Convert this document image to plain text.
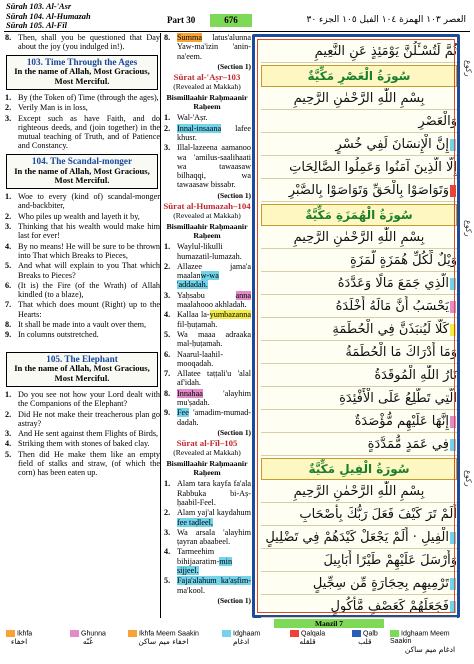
Sūrah 103. Al-'Asr
Sūrah 104. Al-Humazah
Sūrah 105. Al-Fīl
Part 30	676	العصر ١٠٣ الهمزة ١٠٤ الفيل ١٠٥ الجزء ٣٠
8. Then, shall you be questioned that Day about the joy (you indulged in!).
103. Time Through the Ages
In the name of Allah, Most Gracious, Most Merciful.
1. By (the Token of) Time (through the ages),
2. Verily Man is in loss,
3. Except such as have Faith, and do righteous deeds, and (join together) in the mutual teaching of Truth, and of Patience and Constancy.
104. The Scandal-monger
In the name of Allah, Most Gracious, Most Merciful.
1. Woe to every (kind of) scandal-monger and-backbiter,
2. Who piles up wealth and layeth it by,
3. Thinking that his wealth would make him last for ever!
4. By no means! He will be sure to be thrown into That which Breaks to Pieces,
5. And what will explain to you That which Breaks to Pieces?
6. (It is) the Fire (of the Wrath) of Allah kindled (to a blaze),
7. That which does mount (Right) up to the Hearts:
8. It shall be made into a vault over them,
9. In columns outstretched.
105. The Elephant
In the name of Allah, Most Gracious, Most Merciful.
1. Do you see not how your Lord dealt with the Companions of the Elephant?
2. Did He not make their treacherous plan go astray?
3. And He sent against them Flights of Birds,
4. Striking them with stones of baked clay.
5. Then did He make them like an empty field of stalks and straw, (of which the corn) has been eaten up.
8. Summa latus'alunna Yaw-ma'izin 'anin-na'eem.
(Section 1)
Sūrat al-'Aṣr–103
(Revealed at Makkah)
Bismillaahir Raḥmaanir Raḥeem
1. Wal-'Aṣr.
2. Innal-insaana lafee khusr.
3. Illal-lazeena aamanoo wa 'amilus-saalihaati wa tawaasaw bilhaqqi, wa tawaasaw bissabr.
(Section 1)
Sūrat al-Humazah–104
(Revealed at Makkah)
Bismillaahir Raḥmaanir Raḥeem
1. Waylul-likulli humazatil-lumazah.
2. Allazee jama'a maalanw-wa 'addadah.
3. Yaḥsabu anna maalahooo akhladah.
4. Kallaa la-yumbazanna fil-ḥuṭamah.
5. Wa maaa adraaka mal-ḥuṭamah.
6. Naarul-laahil-mooqadah.
7. Allatee taṭṭali'u 'alal af'idah.
8. Innahaa 'alayhim mu'ṣadah.
9. Fee 'amadim-mumad-dadah.
(Section 1)
Sūrat al-Fīl–105
(Revealed at Makkah)
Bismillaahir Raḥmaanir Raḥeem
1. Alam tara kayfa fa'ala Rabbuka bi-Aṣ-ḥaabil-Feel.
2. Alam yaj'al kaydahum fee taḍleel,
3. Wa arsala 'alayhim ṭayran abaabeel.
4. Tarmeehim bihijaaratim-min sijjeel.
5. Faja'alahum ka'aṣfim-ma'kool.
(Section 1)
ثُمَّ لَتُسْـَٔلُنَّ يَوْمَئِذٍ عَنِ النَّعِيمِ
سُورَةُ الْعَصْرِ مَكِّيَّةٌ
بِسْمِ اللّٰهِ الرَّحْمٰنِ الرَّحِيمِ
وَالْعَصْرِ
إِنَّ الْإِنسَانَ لَفِي خُسْرٍ
إِلَّا الَّذِينَ آمَنُوا وَعَمِلُوا الصَّالِحَاتِ
وَتَوَاصَوْا بِالْحَقِّ وَتَوَاصَوْا بِالصَّبْرِ
سُورَةُ الْهُمَزَةِ مَكِّيَّةٌ
بِسْمِ اللّٰهِ الرَّحْمٰنِ الرَّحِيمِ
وَيْلٌ لِّكُلِّ هُمَزَةٍ لُّمَزَةٍ
الَّذِي جَمَعَ مَالًا وَعَدَّدَهُ
يَحْسَبُ أَنَّ مَالَهُ أَخْلَدَهُ
كَلَّا لَيُنبَذَنَّ فِي الْحُطَمَةِ
وَمَا أَدْرَاكَ مَا الْحُطَمَةُ
نَارُ اللّٰهِ الْمُوقَدَةُ
الَّتِي تَطَّلِعُ عَلَى الْأَفْئِدَةِ
إِنَّهَا عَلَيْهِم مُّؤْصَدَةٌ
فِي عَمَدٍ مُّمَدَّدَةٍ
سُورَةُ الْفِيلِ مَكِّيَّةٌ
بِسْمِ اللّٰهِ الرَّحْمٰنِ الرَّحِيمِ
أَلَمْ تَرَ كَيْفَ فَعَلَ رَبُّكَ بِأَصْحَابِ
الْفِيلِ · أَلَمْ يَجْعَلْ كَيْدَهُمْ فِي تَضْلِيلٍ
وَأَرْسَلَ عَلَيْهِمْ طَيْرًا أَبَابِيلَ
تَرْمِيهِم بِحِجَارَةٍ مِّن سِجِّيلٍ
فَجَعَلَهُمْ كَعَصْفٍ مَّأْكُولٍ
ركوع
ركوع
ركوع
Manzil 7
Ikhfa
اخفاء
Ghunna
غُنّه
Ikhfa Meem Saakin
اخفاء ميم ساكن
Idghaam
ادغام
Qalqala
قلقله
Qalb
قلب
Idghaam Meem Saakin
ادغام ميم ساكن
